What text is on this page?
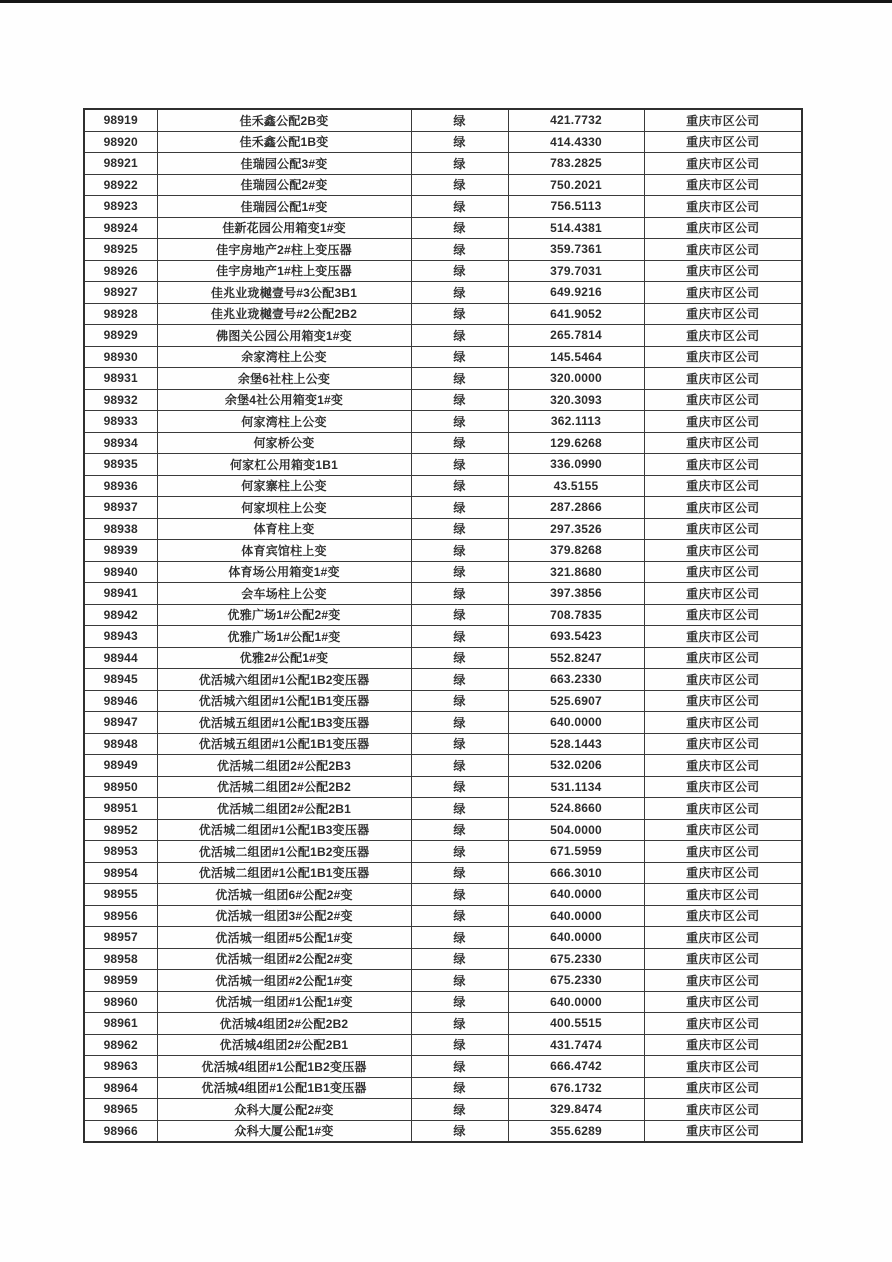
98919	佳禾鑫公配2B变	绿	421.7732	重庆市区公司
98920	佳禾鑫公配1B变	绿	414.4330	重庆市区公司
98921	佳瑞园公配3#变	绿	783.2825	重庆市区公司
98922	佳瑞园公配2#变	绿	750.2021	重庆市区公司
98923	佳瑞园公配1#变	绿	756.5113	重庆市区公司
98924	佳新花园公用箱变1#变	绿	514.4381	重庆市区公司
98925	佳宇房地产2#柱上变压器	绿	359.7361	重庆市区公司
98926	佳宇房地产1#柱上变压器	绿	379.7031	重庆市区公司
98927	佳兆业珑樾壹号#3公配3B1	绿	649.9216	重庆市区公司
98928	佳兆业珑樾壹号#2公配2B2	绿	641.9052	重庆市区公司
98929	佛图关公园公用箱变1#变	绿	265.7814	重庆市区公司
98930	余家湾柱上公变	绿	145.5464	重庆市区公司
98931	余堡6社柱上公变	绿	320.0000	重庆市区公司
98932	余堡4社公用箱变1#变	绿	320.3093	重庆市区公司
98933	何家湾柱上公变	绿	362.1113	重庆市区公司
98934	何家桥公变	绿	129.6268	重庆市区公司
98935	何家杠公用箱变1B1	绿	336.0990	重庆市区公司
98936	何家寨柱上公变	绿	43.5155	重庆市区公司
98937	何家坝柱上公变	绿	287.2866	重庆市区公司
98938	体育柱上变	绿	297.3526	重庆市区公司
98939	体育宾馆柱上变	绿	379.8268	重庆市区公司
98940	体育场公用箱变1#变	绿	321.8680	重庆市区公司
98941	会车场柱上公变	绿	397.3856	重庆市区公司
98942	优雅广场1#公配2#变	绿	708.7835	重庆市区公司
98943	优雅广场1#公配1#变	绿	693.5423	重庆市区公司
98944	优雅2#公配1#变	绿	552.8247	重庆市区公司
98945	优活城六组团#1公配1B2变压器	绿	663.2330	重庆市区公司
98946	优活城六组团#1公配1B1变压器	绿	525.6907	重庆市区公司
98947	优活城五组团#1公配1B3变压器	绿	640.0000	重庆市区公司
98948	优活城五组团#1公配1B1变压器	绿	528.1443	重庆市区公司
98949	优活城二组团2#公配2B3	绿	532.0206	重庆市区公司
98950	优活城二组团2#公配2B2	绿	531.1134	重庆市区公司
98951	优活城二组团2#公配2B1	绿	524.8660	重庆市区公司
98952	优活城二组团#1公配1B3变压器	绿	504.0000	重庆市区公司
98953	优活城二组团#1公配1B2变压器	绿	671.5959	重庆市区公司
98954	优活城二组团#1公配1B1变压器	绿	666.3010	重庆市区公司
98955	优活城一组团6#公配2#变	绿	640.0000	重庆市区公司
98956	优活城一组团3#公配2#变	绿	640.0000	重庆市区公司
98957	优活城一组团#5公配1#变	绿	640.0000	重庆市区公司
98958	优活城一组团#2公配2#变	绿	675.2330	重庆市区公司
98959	优活城一组团#2公配1#变	绿	675.2330	重庆市区公司
98960	优活城一组团#1公配1#变	绿	640.0000	重庆市区公司
98961	优活城4组团2#公配2B2	绿	400.5515	重庆市区公司
98962	优活城4组团2#公配2B1	绿	431.7474	重庆市区公司
98963	优活城4组团#1公配1B2变压器	绿	666.4742	重庆市区公司
98964	优活城4组团#1公配1B1变压器	绿	676.1732	重庆市区公司
98965	众科大厦公配2#变	绿	329.8474	重庆市区公司
98966	众科大厦公配1#变	绿	355.6289	重庆市区公司
